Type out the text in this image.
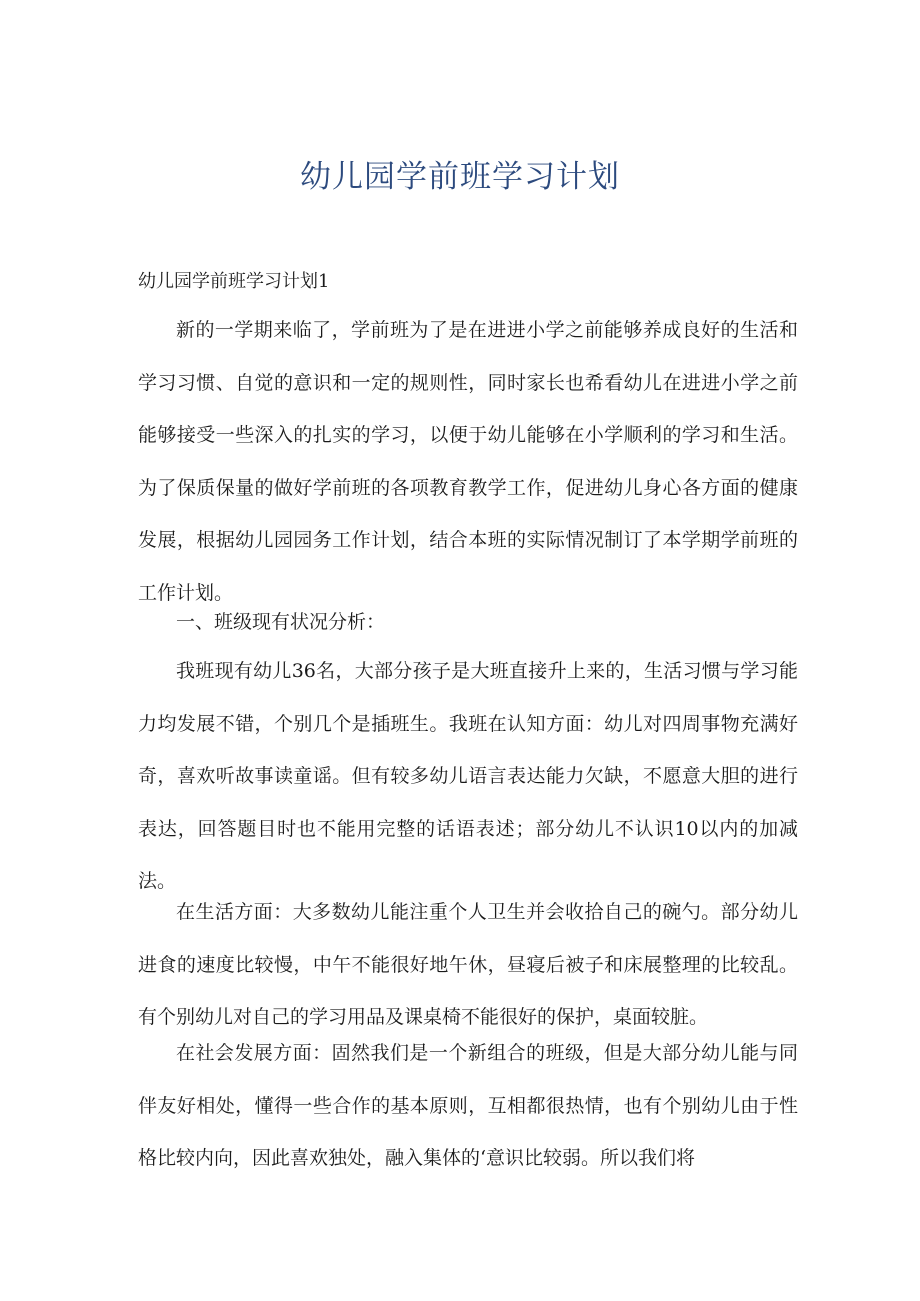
幼儿园学前班学习计划
幼儿园学前班学习计划1

新的一学期来临了，学前班为了是在进进小学之前能够养成良好的生活和学习习惯、自觉的意识和一定的规则性，同时家长也希看幼儿在进进小学之前能够接受一些深入的扎实的学习，以便于幼儿能够在小学顺利的学习和生活。为了保质保量的做好学前班的各项教育教学工作，促进幼儿身心各方面的健康发展，根据幼儿园园务工作计划，结合本班的实际情况制订了本学期学前班的工作计划。

一、班级现有状况分析：

我班现有幼儿36名，大部分孩子是大班直接升上来的，生活习惯与学习能力均发展不错，个别几个是插班生。我班在认知方面：幼儿对四周事物充满好奇，喜欢听故事读童谣。但有较多幼儿语言表达能力欠缺，不愿意大胆的进行表达，回答题目时也不能用完整的话语表述；部分幼儿不认识10以内的加减法。

在生活方面：大多数幼儿能注重个人卫生并会收拾自己的碗勺。部分幼儿进食的速度比较慢，中午不能很好地午休，昼寝后被子和床展整理的比较乱。有个别幼儿对自己的学习用品及课桌椅不能很好的保护，桌面较脏。

在社会发展方面：固然我们是一个新组合的班级，但是大部分幼儿能与同伴友好相处，懂得一些合作的基本原则，互相都很热情，也有个别幼儿由于性格比较内向，因此喜欢独处，融入集体的‘意识比较弱。所以我们将
